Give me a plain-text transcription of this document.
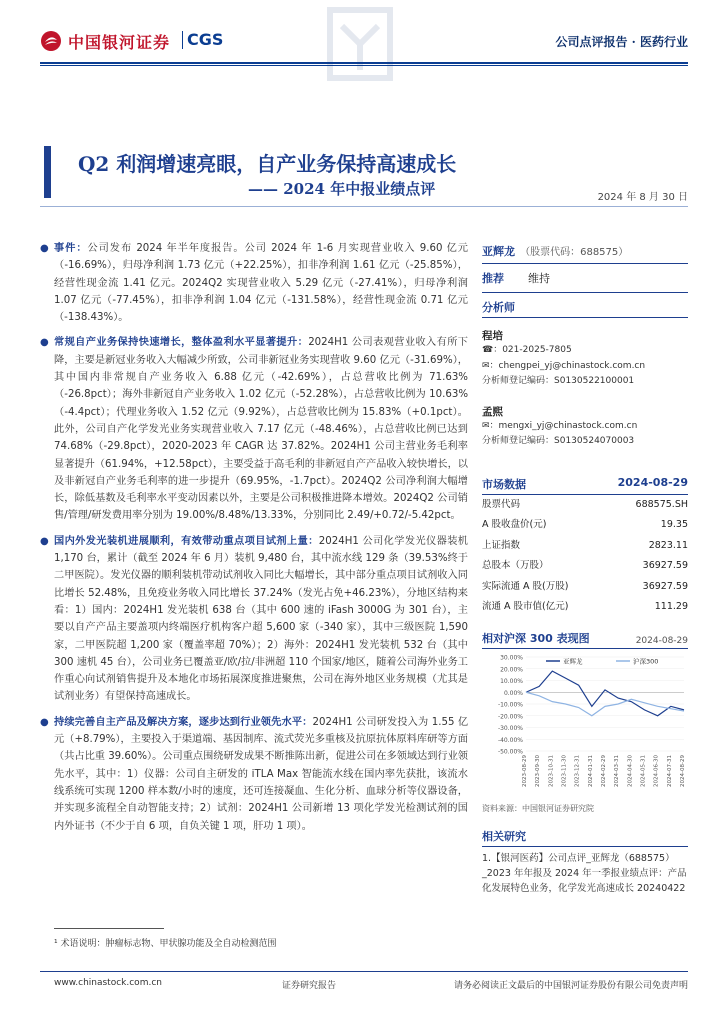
中国银河证券 CGS	公司点评报告 · 医药行业
Q2 利润增速亮眼，自产业务保持高速成长
—— 2024 年中报业绩点评	2024 年 8 月 30 日

● 事件：公司发布 2024 年半年度报告。公司 2024 年 1-6 月实现营业收入 9.60 亿元（-16.69%），归母净利润 1.73 亿元（+22.25%），扣非净利润 1.61 亿元（-25.85%），经营性现金流 1.41 亿元。2024Q2 实现营业收入 5.29 亿元（-27.41%），归母净利润 1.07 亿元（-77.45%），扣非净利润 1.04 亿元（-131.58%），经营性现金流 0.71 亿元（-138.43%）。

● 常规自产业务保持快速增长，整体盈利水平显著提升：2024H1 公司表观营业收入有所下降，主要是新冠业务收入大幅减少所致，公司非新冠业务实现营收 9.60 亿元（-31.69%），其中国内非常规自产业务收入 6.88 亿元（-42.69%），占总营收比例为 71.63%（-26.8pct）；海外非新冠自产业务收入 1.02 亿元（-52.28%），占总营收比例为 10.63%（-4.4pct）；代理业务收入 1.52 亿元（9.92%），占总营收比例为 15.83%（+0.1pct）。此外，公司自产化学发光业务实现营业收入 7.17 亿元（-48.46%），占总营收比例已达到 74.68%（-29.8pct），2020-2023 年 CAGR 达 37.82%。2024H1 公司主营业务毛利率显著提升（61.94%，+12.58pct），主要受益于高毛利的非新冠自产产品收入较快增长，以及非新冠自产业务毛利率的进一步提升（69.95%，-1.7pct）。2024Q2 公司净利润大幅增长，除低基数及毛利率水平变动因素以外，主要是公司积极推进降本增效。2024Q2 公司销售/管理/研发费用率分别为 19.00%/8.48%/13.33%，分别同比 2.49/+0.72/-5.42pct。

● 国内外发光装机进展顺利，有效带动重点项目试剂上量：2024H1 公司化学发光仪器装机 1,170 台，累计（截至 2024 年 6 月）装机 9,480 台，其中流水线 129 条（39.53%终于二甲医院）。发光仪器的顺利装机带动试剂收入同比大幅增长，其中部分重点项目试剂收入同比增长 52.48%，且免疫业务收入同比增长 37.24%（发光占免+46.23%），分地区结构来看：1）国内：2024H1 发光装机 638 台（其中 600 速的 iFash 3000G 为 301 台），主要以自产产品主要盖项内终端医疗机构客户超 5,600 家（-340 家），其中三级医院 1,590 家，二甲医院超 1,200 家（覆盖率超 70%）；2）海外：2024H1 发光装机 532 台（其中 300 速机 45 台），公司业务已覆盖亚/欧/拉/非洲超 110 个国家/地区，随着公司海外业务工作重心向试剂销售提升及本地化市场拓展深度推进聚焦，公司在海外地区业务规模（尤其是试剂业务）有望保持高速成长。

● 持续完善自主产品及解决方案，逐步达到行业领先水平：2024H1 公司研发投入为 1.55 亿元（+8.79%），主要投入于渠道端、基因制库、流式荧光多重核及抗原抗体原料库研等方面（共占比重 39.60%）。公司重点围绕研发成果不断推陈出新，促进公司在多领域达到行业领先水平，其中：1）仪器：公司自主研发的 iTLA Max 智能流水线在国内率先获批，该流水线系统可实现 1200 样本数/小时的速度，还可连接凝血、生化分析、血球分析等仪器设备，并实现多流程全自动智能支持；2）试剂：2024H1 公司新增 13 项化学发光检测试剂的国内外证书（不少于自 6 项，自负关键 1 项，肝功 1 项）。

亚辉龙 （股票代码：688575）
推荐	维持
分析师
程培
☎：021-2025-7805
✉：chengpei_yj@chinastock.com.cn
分析师登记编码：S0130522100001
孟熙
✉：mengxi_yj@chinastock.com.cn
分析师登记编码：S0130524070003
市场数据	2024-08-29
股票代码	688575.SH
A 股收盘价(元)	19.35
上证指数	2823.11
总股本（万股）	36927.59
实际流通 A 股(万股)	36927.59
流通 A 股市值(亿元)	111.29
相对沪深 300 表现图	2024-08-29
30.00%
20.00%
10.00%
0.00%
-10.00%
-20.00%
-30.00%
-40.00%
-50.00%
2023-08-29 2023-09-30 2023-10-31 2023-11-30 2023-12-31 2024-01-31 2024-02-29 2024-03-31 2024-04-30 2024-05-31 2024-06-30 2024-07-31 2024-08-29
亚辉龙	沪深300
资料来源：中国银河证券研究院
相关研究
1.【银河医药】公司点评_亚辉龙（688575）_2023 年年报及 2024 年一季报业绩点评：产品化发展特色业务，化学发光高速成长 20240422
¹ 术语说明：肿瘤标志物、甲状腺功能及全自动检测范围
www.chinastock.com.cn	证券研究报告	请务必阅读正文最后的中国银河证券股份有限公司免责声明
